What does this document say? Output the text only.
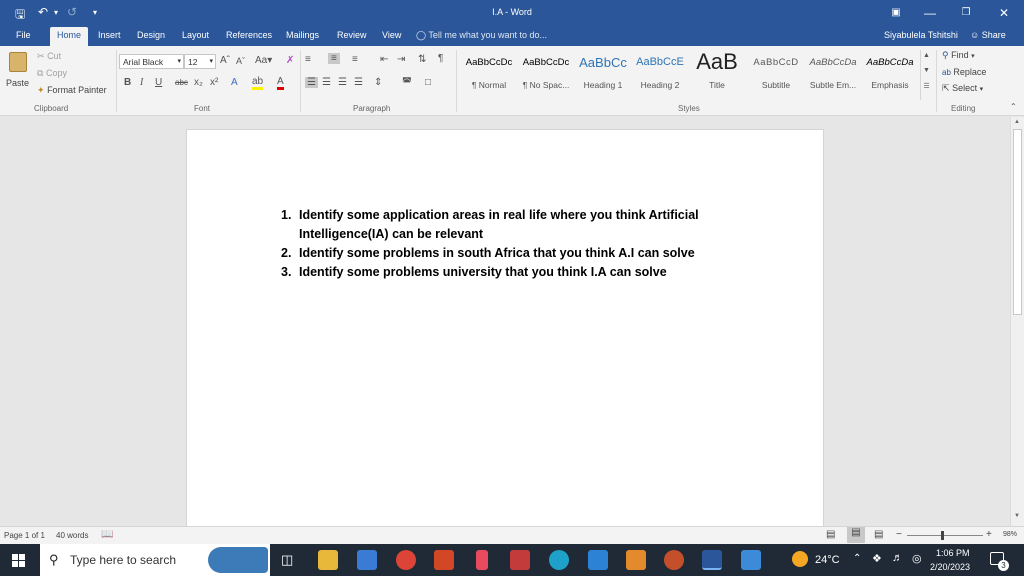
🖫 ↶ ▾ ↺ ▾	I.A - Word	▣	—	❐	✕
File	Home	Insert Design Layout References Mailings Review View ◯ Tell me what you want to do...	Siyabulela Tshitshi ☺ Share
Paste
✂ Cut
⧉ Copy
✦ Format Painter
Clipboard
Arial Black ▾ 12 ▾ Aˆ Aˇ Aa▾ ✗
B I U abc x₂ x² A ab A
Font
≡	≡	≡ ⇤ ⇥ ⇅ ¶
☰ ☰ ☰ ☰ ⇕ ◚ □
Paragraph
AaBbCcDc
¶ Normal
AaBbCcDc
¶ No Spac...
AaBbCc
Heading 1
AaBbCcE
Heading 2
AaB
Title
AaBbCcD
Subtitle
AaBbCcDa
Subtle Em...
AaBbCcDa
Emphasis
▲
▼
☰
Styles
⚲ Find ▾
ab Replace
⇱ Select ▾
Editing	⌃
1. Identify some application areas in real life where you think Artificial Intelligence(IA) can be relevant
2. Identify some problems in south Africa that you think A.I can solve
3. Identify some problems university that you think I.A can solve
▲
▼
Page 1 of 1 40 words 📖	▤	▤	▤ −	+ 98%
⚲ Type here to search	◫	24°C ⌃ ❖ ♬ ◎ 1:06 PM
2/20/2023	3
